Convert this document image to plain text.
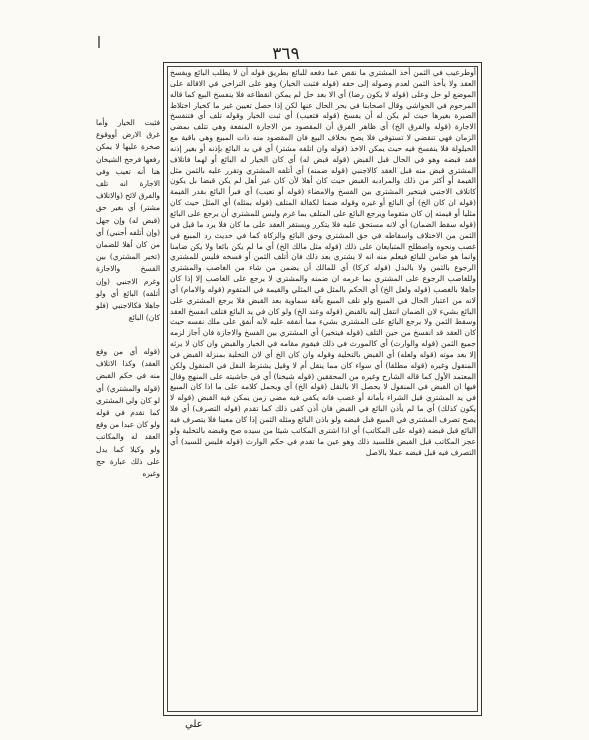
٣٦٩

أوطرعيب في الثمن أخذ المشتري ما نقص عما دفعه للبائع بطريق قوله أن لا يطلب البائع ويفسخ العقد ولا يأخذ الثمن لعدم وصوله إلى حقه (قوله فثبت الخيار) وهو على التراخي في الاقالة على الموضع لو حل وعلى (قوله لا يكون رضا) أي الا بعد حل لم يمكن انقطاعه فلا ينفسخ البيع كما قاله المرحوم في الحواشي وقال اصحابنا في بحر الحال عنها لكن إذا حصل تعيين غير ما كخيار اختلاط الصبرة بغيرها حيث لم يكن له أن يفسخ (قوله فتعيب) أي ثبت الخيار وقوله تلف أي فتنفسخ الاجارة (قوله والفرق الخ) أي ظاهر الفرق أن المقصود من الاجارة المنفعة وهي تتلف بمضي الزمان فهي تنقضي لا تستوفي فلا يصح بخلاف البيع فان المقصود منه ذات المبيع وهي باقية مع الحيلولة فلا ينفسخ فيه حيث يمكن الاخذ (قوله وان اتلفه مشتر) أي في يد البائع بإذنه أو بغير إذنه فقد قبضه وهو في الحال قبل القبض (قوله قبض له) أي كان الخيار له البائع أو لهما فاتلاف المشتري قبض منه قبل العقد كالاجنبي (قوله ضمنه) أي أتلفه المشتري وتقرر عليه بالثمن مثل القيمة أو أكثر من ذلك والمرادبه القبض حيث كان أهلا لأن كان غير أهل لم يكن قبضا بل يكون كاتلاف الاجنبي فيتخير المشتري بين الفسخ والامضاء (قوله أو تعيب) أي فبرأ البائع بقدر القيمة (قوله ان كان الخ) أي البائع أو غيره وقوله ضمنا لكفالة المتلف (قوله بمثله) أي المثل حيث كان مثليا أو قيمته إن كان متقوما ويرجع البائع على المتلف بما غرم وليس للمشتري أن يرجع على البائع (قوله سقط الضمان) أي لانه مستحق عليه فلا يتكرر ويستقر العقد على ما كان فلا يرد ما قيل في الثمن من الاختلاف واسقاطه في حق المشتري وحق البائع والزكاة كما في حديث رد المبيع في غصب ونحوه واصطلح المتبايعان على ذلك (قوله مثل مالك الخ) أي ما لم يكن بائعا ولا يكن ضامنا وانما هو ضامن للبائع فيعلم منه انه لا يشتري بعد ذلك فان أتلف الثمن أو فسخه فليس للمشتري الرجوع بالثمن ولا بالبدل (قوله كركا) أي للمالك أن يضمن من شاء من الغاصب والمشتري وللغاصب الرجوع على المشتري بما غرمه ان ضمنه والمشتري لا يرجع على الغاصب إلا إذا كان جاهلا بالغصب (قوله ولعل الخ) أي الحكم بالمثل في المثلي والقيمة في المتقوم (قوله والامام) أي لانه من اعتبار الحال في المبيع ولو تلف المبيع بآفة سماوية بعد القبض فلا يرجع المشتري على البائع بشيء لان الضمان انتقل إليه بالقبض (قوله وعند الخ) ولو كان في يد البائع فتلف انفسخ العقد وسقط الثمن ولا يرجع البائع على المشتري بشيء مما أنفقه عليه لأنه أنفق على ملك نفسه حيث كان العقد قد انفسخ من حين التلف (قوله فيتخير) أي المشتري بين الفسخ والاجازة فان أجاز لزمه جميع الثمن (قوله والوارث) أي كالمورث في ذلك فيقوم مقامه في الخيار والقبض وان كان لا يرثه إلا بعد موته (قوله ولعله) أي القبض بالتخلية وقوله وان كان الخ أي لان التخلية بمنزلة القبض في المنقول وغيره (قوله مطلقا) أي سواء كان مما ينقل أم لا وقيل يشترط النقل في المنقول ولكن المعتمد الأول كما قاله الشارح وغيره من المحققين (قوله شيخنا) أي في حاشيته على المنهج وقال فيها ان القبض في المنقول لا يحصل الا بالنقل (قوله الخ) أي ويحمل كلامه على ما اذا كان المبيع في يد المشتري قبل الشراء بأمانة أو غصب فانه يكفي فيه مضي زمن يمكن فيه القبض (قوله لا يكون كذلك) أي ما لم يأذن البائع في القبض فان أذن كفى ذلك كما تقدم (قوله التصرف) أي فلا يصح تصرف المشتري في المبيع قبل قبضه ولو باذن البائع ومثله الثمن إذا كان معينا فلا يتصرف فيه البائع قبل قبضه (قوله على المكاتب) أي اذا اشترى المكاتب شيئا من سيده صح وقبضه بالتخلية ولو عجز المكاتب قبل القبض فللسيد ذلك وهو عين ما تقدم في حكم الوارث (قوله فليس للسيد) أي التصرف فيه قبل قبضه عملا بالاصل

فثبت الخيار وأما غرق الارض أووقوع صخرة عليها لا يمكن رفعها فرجح الشيخان هنا أنه تعيب وفي الاجارة انه تلف والفرق لائح (والاتلاف مشتر) أي بغير حق (قبض له) وإن جهل (وإن أتلفه أجنبي) أي من كان أهلا للضمان (تخير المشتري) بين الفسخ والاجازة وغرم الاجنبي (وإن أتلفه) البائع أي ولو جاهلا فكالاجنبي (فلو كان) البائع

(قوله أي من وقع العقد) وكذا الاتلاف منه في حكم القبض (قوله والمشتري) أي لو كان ولي المشتري كما تقدم في قوله ولو كان عبدا من وقع العقد له والمكاتب ولو وكيلا كما يدل على ذلك عبارة حج وغيره

علي
